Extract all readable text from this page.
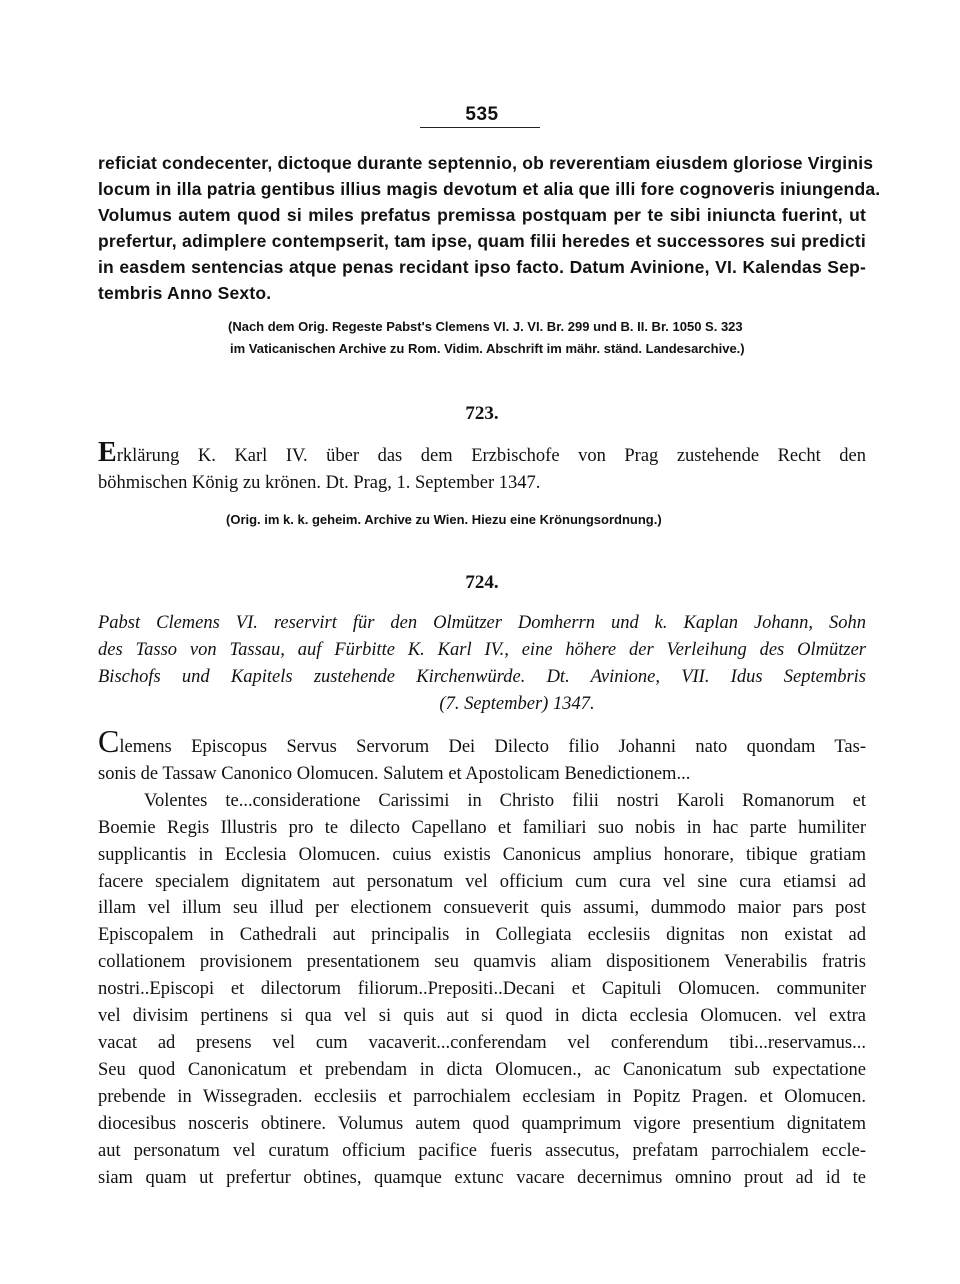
535
reficiat condecenter, dictoque durante septennio, ob reverentiam eiusdem gloriose Virginis
locum in illa patria gentibus illius magis devotum et alia que illi fore cognoveris iniungenda.
Volumus autem quod si miles prefatus premissa postquam per te sibi iniuncta fuerint, ut
prefertur, adimplere contempserit, tam ipse, quam filii heredes et successores sui predicti
in easdem sentencias atque penas recidant ipso facto. Datum Avinione, VI. Kalendas Sep-
tembris Anno Sexto.
(Nach dem Orig. Regeste Pabst's Clemens VI. J. VI. Br. 299 und B. II. Br. 1050 S. 323
im Vaticanischen Archive zu Rom. Vidim. Abschrift im mähr. ständ. Landesarchive.)
723.
Erklärung K. Karl IV. über das dem Erzbischofe von Prag zustehende Recht den
böhmischen König zu krönen. Dt. Prag, 1. September 1347.
(Orig. im k. k. geheim. Archive zu Wien. Hiezu eine Krönungsordnung.)
724.
Pabst Clemens VI. reservirt für den Olmützer Domherrn und k. Kaplan Johann, Sohn
des Tasso von Tassau, auf Fürbitte K. Karl IV., eine höhere der Verleihung des Olmützer
Bischofs und Kapitels zustehende Kirchenwürde. Dt. Avinione, VII. Idus Septembris
(7. September) 1347.
Clemens Episcopus Servus Servorum Dei Dilecto filio Johanni nato quondam Tas-
sonis de Tassaw Canonico Olomucen. Salutem et Apostolicam Benedictionem...
Volentes te...consideratione Carissimi in Christo filii nostri Karoli Romanorum et
Boemie Regis Illustris pro te dilecto Capellano et familiari suo nobis in hac parte humiliter
supplicantis in Ecclesia Olomucen. cuius existis Canonicus amplius honorare, tibique gratiam
facere specialem dignitatem aut personatum vel officium cum cura vel sine cura etiamsi ad
illam vel illum seu illud per electionem consueverit quis assumi, dummodo maior pars post
Episcopalem in Cathedrali aut principalis in Collegiata ecclesiis dignitas non existat ad
collationem provisionem presentationem seu quamvis aliam dispositionem Venerabilis fratris
nostri..Episcopi et dilectorum filiorum..Prepositi..Decani et Capituli Olomucen. communiter
vel divisim pertinens si qua vel si quis aut si quod in dicta ecclesia Olomucen. vel extra
vacat ad presens vel cum vacaverit...conferendam vel conferendum tibi...reservamus...
Seu quod Canonicatum et prebendam in dicta Olomucen., ac Canonicatum sub expectatione
prebende in Wissegraden. ecclesiis et parrochialem ecclesiam in Popitz Pragen. et Olomucen.
diocesibus nosceris obtinere. Volumus autem quod quamprimum vigore presentium dignitatem
aut personatum vel curatum officium pacifice fueris assecutus, prefatam parrochialem eccle-
siam quam ut prefertur obtines, quamque extunc vacare decernimus omnino prout ad id te
